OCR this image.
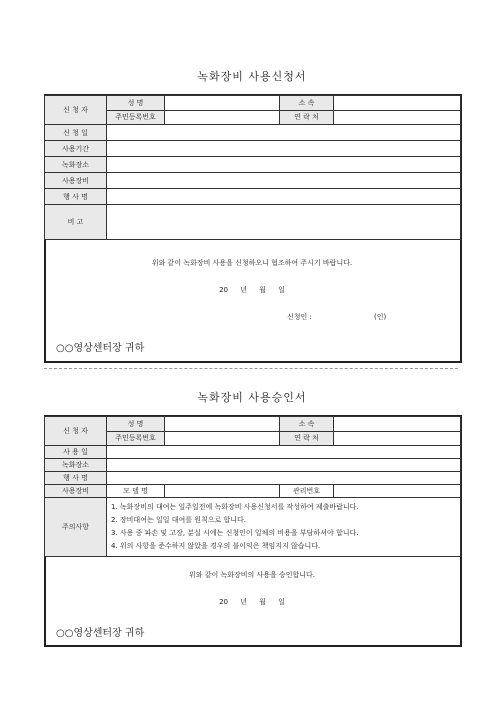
녹화장비 사용신청서
신 청 자	성 명		소 속	
	주민등록번호		연 락 처	
신 청 일				
사용기간				
녹화장소				
사용장비				
행 사 명				
비 고				
위와 같이 녹화장비 사용을 신청하오니 협조하여 주시기 바랍니다.
20 년 월 일
신청인 :	(인)
○○영상센터장 귀하
녹화장비 사용승인서
신 청 자	성 명		소 속	
	주민등록번호		연 락 처	
사 용 일				
녹화장소				
행 사 명				
사용장비	모 델 명		관리번호	
주의사항	1. 녹화장비의 대여는 일주일전에 녹화장비 사용신청서를 작성하여 제출바랍니다.

2. 장비대여는 일일 대여를 원칙으로 합니다.

3. 사용 중 파손 및 고장, 분실 시에는 신청인이 일체의 비용을 부담하셔야 합니다.

4. 위의 사항을 준수하지 않았을 경우의 불이익은 책임지지 않습니다.			

위와 같이 녹화장비의 사용을 승인합니다.
20 년 월 일
○○영상센터장 귀하
